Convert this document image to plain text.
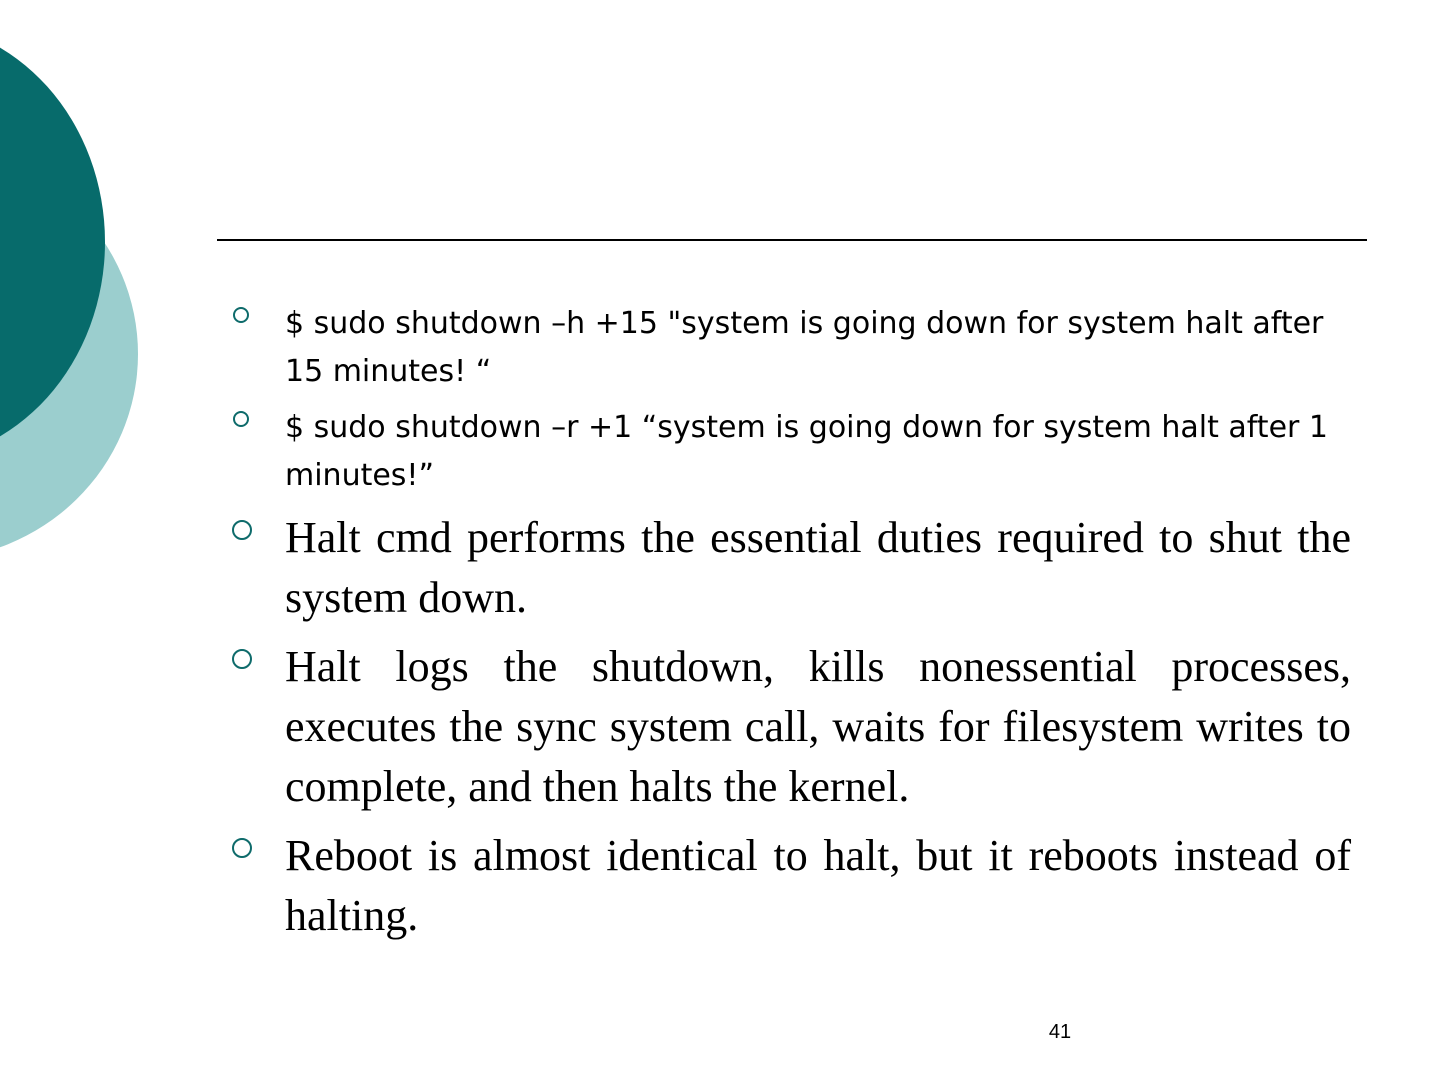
$ sudo shutdown –h +15 "system is going down for system halt after 15 minutes! “
$ sudo shutdown –r +1 “system is going down for system halt after 1 minutes!”
Halt cmd performs the essential duties required to shut the system down.
Halt logs the shutdown, kills nonessential processes, executes the sync system call, waits for filesystem writes to complete, and then halts the kernel.
Reboot is almost identical to halt, but it reboots instead of halting.
41
